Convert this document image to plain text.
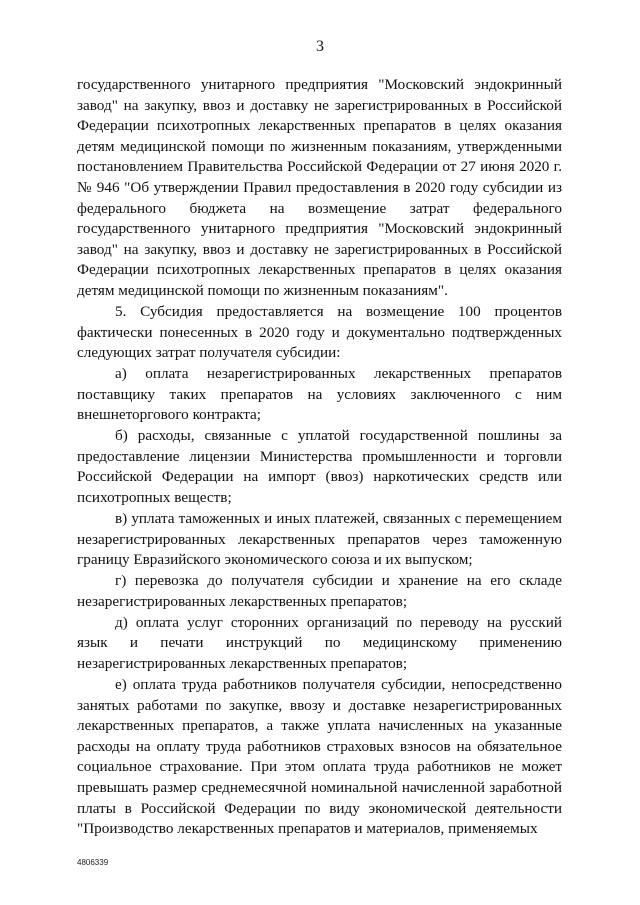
3

государственного унитарного предприятия "Московский эндокринный завод" на закупку, ввоз и доставку не зарегистрированных в Российской Федерации психотропных лекарственных препаратов в целях оказания детям медицинской помощи по жизненным показаниям, утвержденными постановлением Правительства Российской Федерации от 27 июня 2020 г. № 946 "Об утверждении Правил предоставления в 2020 году субсидии из федерального бюджета на возмещение затрат федерального государственного унитарного предприятия "Московский эндокринный завод" на закупку, ввоз и доставку не зарегистрированных в Российской Федерации психотропных лекарственных препаратов в целях оказания детям медицинской помощи по жизненным показаниям".

5. Субсидия предоставляется на возмещение 100 процентов фактически понесенных в 2020 году и документально подтвержденных следующих затрат получателя субсидии:

а) оплата незарегистрированных лекарственных препаратов поставщику таких препаратов на условиях заключенного с ним внешнеторгового контракта;

б) расходы, связанные с уплатой государственной пошлины за предоставление лицензии Министерства промышленности и торговли Российской Федерации на импорт (ввоз) наркотических средств или психотропных веществ;

в) уплата таможенных и иных платежей, связанных с перемещением незарегистрированных лекарственных препаратов через таможенную границу Евразийского экономического союза и их выпуском;

г) перевозка до получателя субсидии и хранение на его складе незарегистрированных лекарственных препаратов;

д) оплата услуг сторонних организаций по переводу на русский язык и печати инструкций по медицинскому применению незарегистрированных лекарственных препаратов;

е) оплата труда работников получателя субсидии, непосредственно занятых работами по закупке, ввозу и доставке незарегистрированных лекарственных препаратов, а также уплата начисленных на указанные расходы на оплату труда работников страховых взносов на обязательное социальное страхование. При этом оплата труда работников не может превышать размер среднемесячной номинальной начисленной заработной платы в Российской Федерации по виду экономической деятельности "Производство лекарственных препаратов и материалов, применяемых

4806339
